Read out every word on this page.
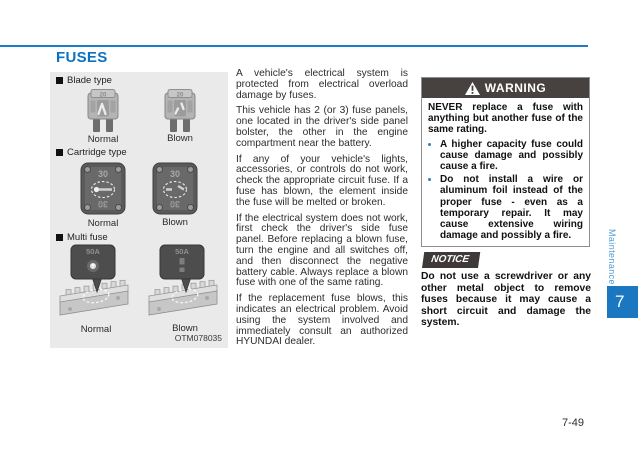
FUSES
Blade type
20	20
Normal	Blown
Cartridge type
30
30
30
30
Normal	Blown
Multi fuse
50A	50A
Normal	Blown
OTM078035

A vehicle's electrical system is protected from electrical overload damage by fuses.

This vehicle has 2 (or 3) fuse panels, one located in the driver's side panel bolster, the other in the engine compartment near the battery.

If any of your vehicle's lights, accessories, or controls do not work, check the appropriate circuit fuse. If a fuse has blown, the element inside the fuse will be melted or broken.

If the electrical system does not work, first check the driver's side fuse panel. Before replacing a blown fuse, turn the engine and all switches off, and then disconnect the negative battery cable. Always replace a blown fuse with one of the same rating.

If the replacement fuse blows, this indicates an electrical problem. Avoid using the system involved and immediately consult an authorized HYUNDAI dealer.

WARNING

NEVER replace a fuse with anything but another fuse of the same rating.

• A higher capacity fuse could cause damage and possibly cause a fire.
• Do not install a wire or aluminum foil instead of the proper fuse - even as a temporary repair. It may cause extensive wiring damage and possibly a fire.
NOTICE

Do not use a screwdriver or any other metal object to remove fuses because it may cause a short circuit and damage the system.

Maintenance
7
7-49
